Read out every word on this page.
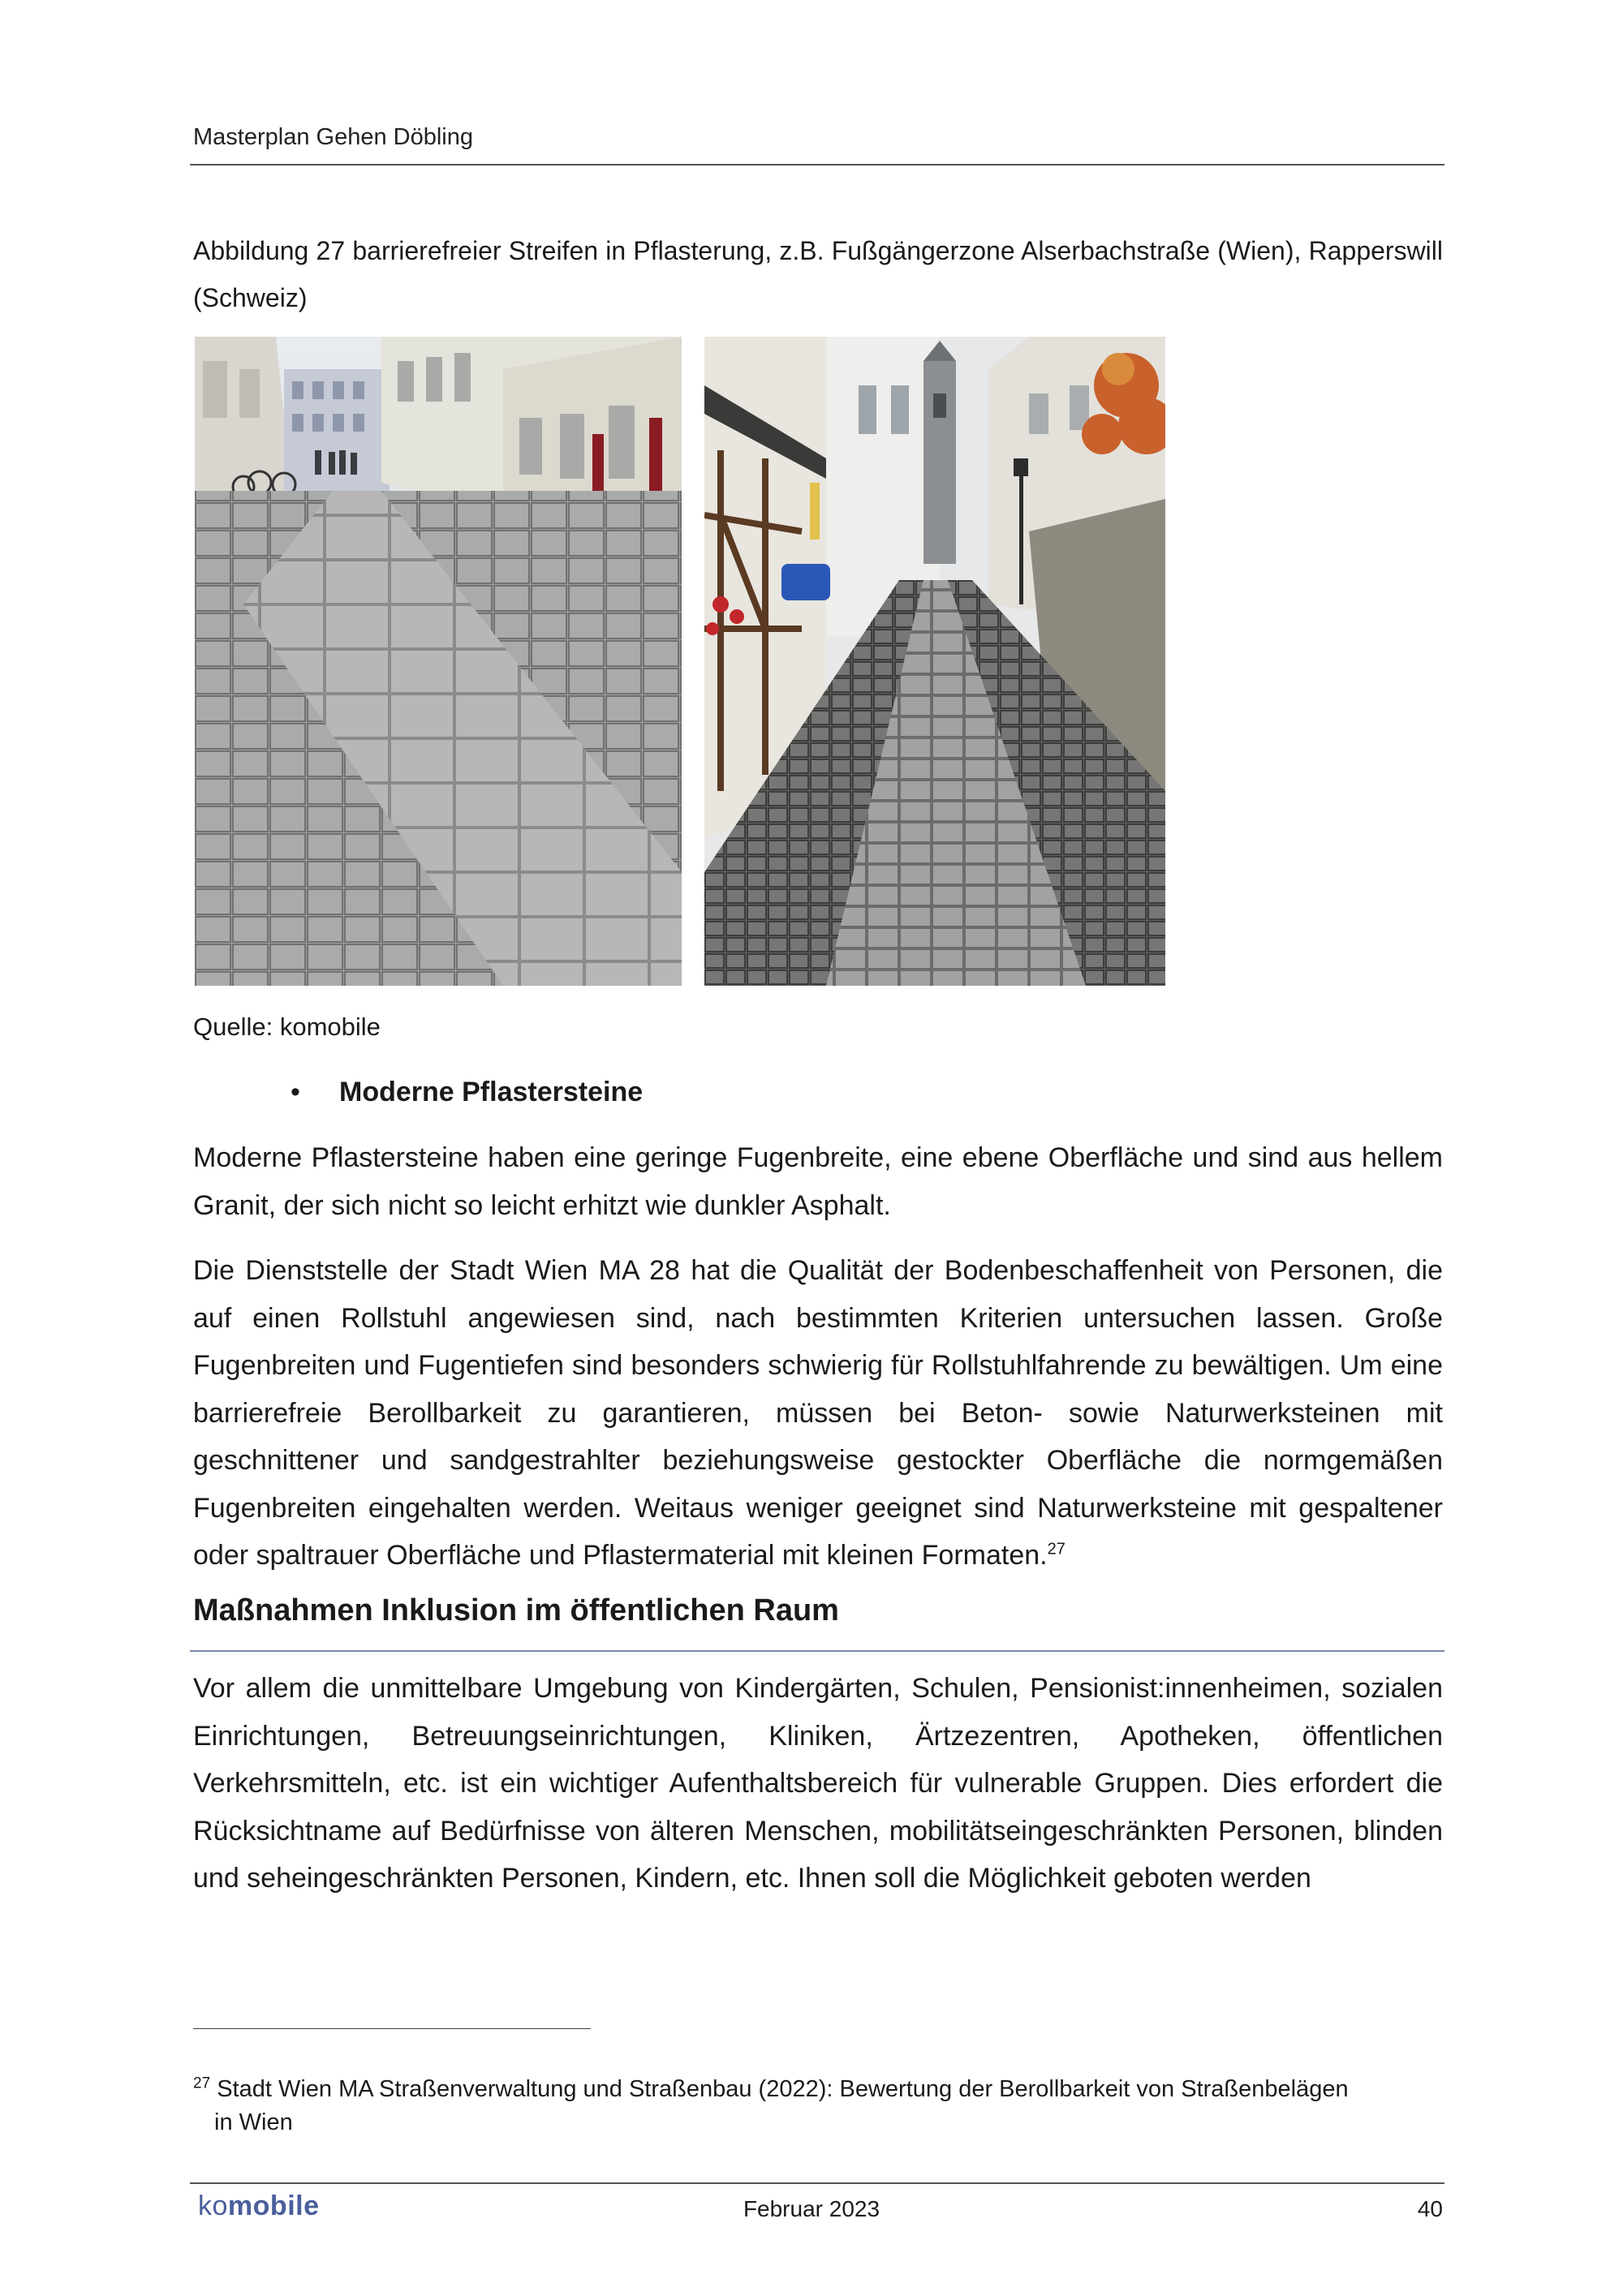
Masterplan Gehen Döbling
Abbildung 27 barrierefreier Streifen in Pflasterung, z.B. Fußgängerzone Alserbachstraße (Wien), Rapperswill (Schweiz)
Quelle: komobile
• Moderne Pflastersteine
Moderne Pflastersteine haben eine geringe Fugenbreite, eine ebene Oberfläche und sind aus hellem Granit, der sich nicht so leicht erhitzt wie dunkler Asphalt.
Die Dienststelle der Stadt Wien MA 28 hat die Qualität der Bodenbeschaffenheit von Personen, die auf einen Rollstuhl angewiesen sind, nach bestimmten Kriterien untersuchen lassen. Große Fugenbreiten und Fugentiefen sind besonders schwierig für Rollstuhlfahrende zu bewältigen. Um eine barrierefreie Berollbarkeit zu garantieren, müssen bei Beton- sowie Naturwerksteinen mit geschnittener und sandgestrahlter beziehungsweise gestockter Oberfläche die normgemäßen Fugenbreiten eingehalten werden. Weitaus weniger geeignet sind Naturwerksteine mit gespaltener oder spaltrauer Oberfläche und Pflastermaterial mit kleinen Formaten.$^{27}$
Maßnahmen Inklusion im öffentlichen Raum
Vor allem die unmittelbare Umgebung von Kindergärten, Schulen, Pensionist:innenheimen, sozialen Einrichtungen, Betreuungseinrichtungen, Kliniken, Ärtzezentren, Apotheken, öffentlichen Verkehrsmitteln, etc. ist ein wichtiger Aufenthaltsbereich für vulnerable Gruppen. Dies erfordert die Rücksichtname auf Bedürfnisse von älteren Menschen, mobilitätseingeschränkten Personen, blinden und seheingeschränkten Personen, Kindern, etc. Ihnen soll die Möglichkeit geboten werden
$^{27}$ Stadt Wien MA Straßenverwaltung und Straßenbau (2022): Bewertung der Berollbarkeit von Straßenbelägen
in Wien
komobile	Februar 2023	40
